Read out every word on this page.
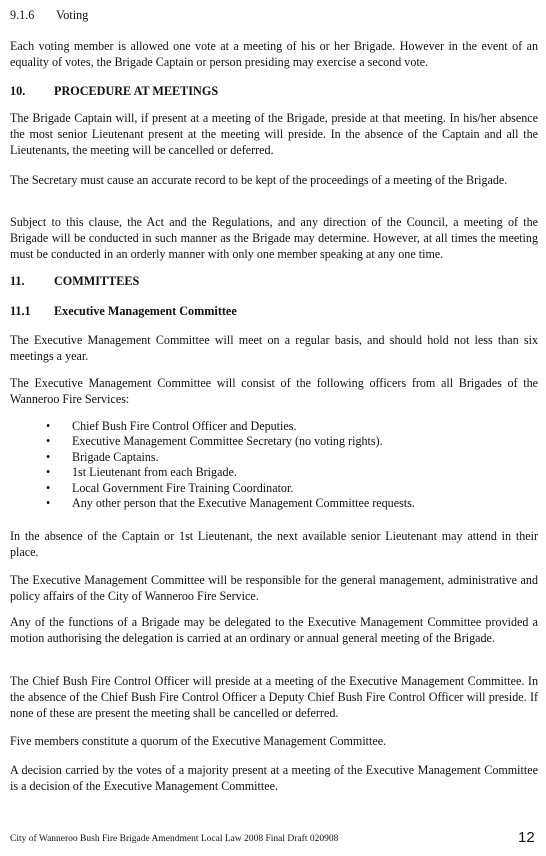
9.1.6 Voting

Each voting member is allowed one vote at a meeting of his or her Brigade. However in the event of an equality of votes, the Brigade Captain or person presiding may exercise a second vote.

10. PROCEDURE AT MEETINGS

The Brigade Captain will, if present at a meeting of the Brigade, preside at that meeting. In his/her absence the most senior Lieutenant present at the meeting will preside. In the absence of the Captain and all the Lieutenants, the meeting will be cancelled or deferred.

The Secretary must cause an accurate record to be kept of the proceedings of a meeting of the Brigade.

Subject to this clause, the Act and the Regulations, and any direction of the Council, a meeting of the Brigade will be conducted in such manner as the Brigade may determine. However, at all times the meeting must be conducted in an orderly manner with only one member speaking at any one time.

11. COMMITTEES
11.1 Executive Management Committee

The Executive Management Committee will meet on a regular basis, and should hold not less than six meetings a year.

The Executive Management Committee will consist of the following officers from all Brigades of the Wanneroo Fire Services:

• Chief Bush Fire Control Officer and Deputies.
• Executive Management Committee Secretary (no voting rights).
• Brigade Captains.
• 1st Lieutenant from each Brigade.
• Local Government Fire Training Coordinator.
• Any other person that the Executive Management Committee requests.

In the absence of the Captain or 1st Lieutenant, the next available senior Lieutenant may attend in their place.

The Executive Management Committee will be responsible for the general management, administrative and policy affairs of the City of Wanneroo Fire Service.

Any of the functions of a Brigade may be delegated to the Executive Management Committee provided a motion authorising the delegation is carried at an ordinary or annual general meeting of the Brigade.

The Chief Bush Fire Control Officer will preside at a meeting of the Executive Management Committee. In the absence of the Chief Bush Fire Control Officer a Deputy Chief Bush Fire Control Officer will preside. If none of these are present the meeting shall be cancelled or deferred.

Five members constitute a quorum of the Executive Management Committee.

A decision carried by the votes of a majority present at a meeting of the Executive Management Committee is a decision of the Executive Management Committee.

City of Wanneroo Bush Fire Brigade Amendment Local Law 2008 Final Draft 020908	12
